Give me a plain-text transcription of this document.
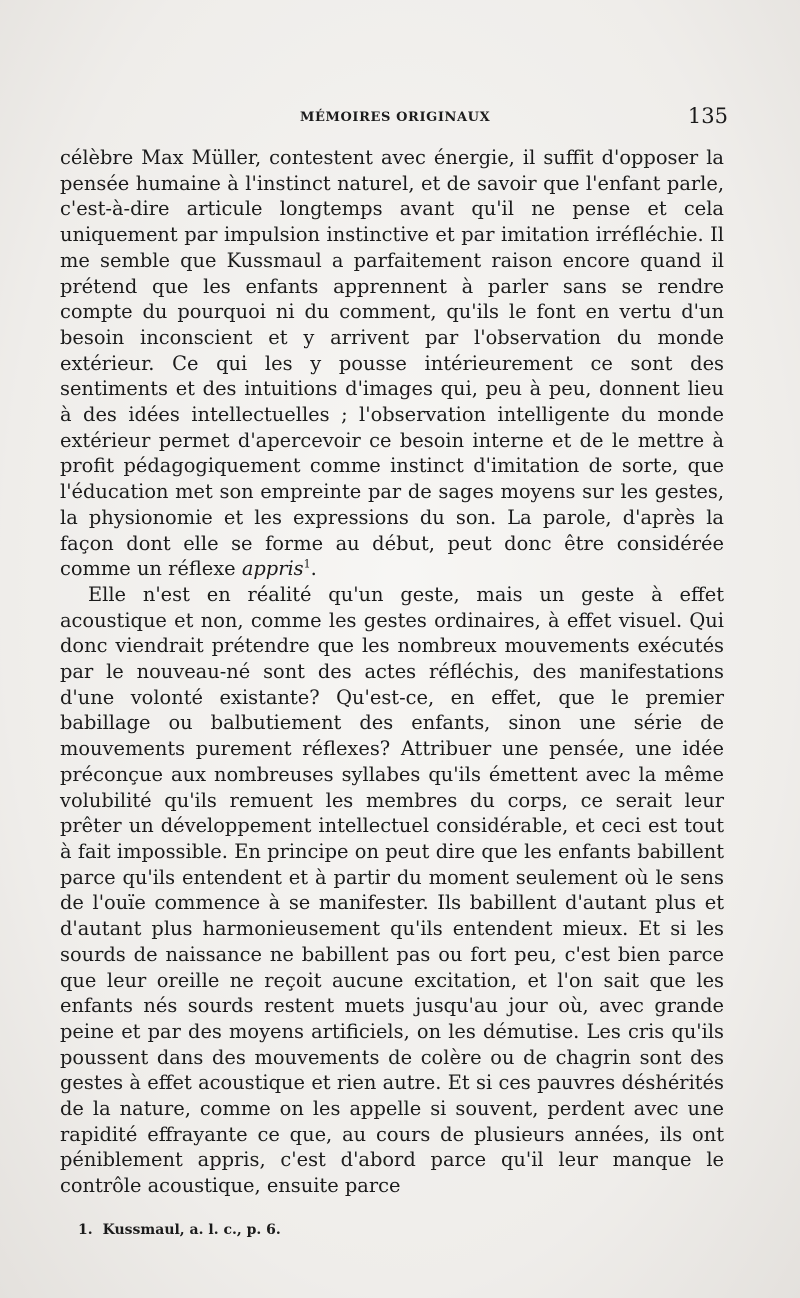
MÉMOIRES ORIGINAUX	135

célèbre Max Müller, contestent avec énergie, il suffit d'opposer la pensée humaine à l'instinct naturel, et de savoir que l'enfant parle, c'est-à-dire articule longtemps avant qu'il ne pense et cela uniquement par impulsion instinctive et par imitation irréfléchie. Il me semble que Kussmaul a parfaitement raison encore quand il prétend que les enfants apprennent à parler sans se rendre compte du pourquoi ni du comment, qu'ils le font en vertu d'un besoin inconscient et y arrivent par l'observation du monde extérieur. Ce qui les y pousse intérieurement ce sont des sentiments et des intuitions d'images qui, peu à peu, donnent lieu à des idées intellectuelles ; l'observation intelligente du monde extérieur permet d'apercevoir ce besoin interne et de le mettre à profit pédagogiquement comme instinct d'imitation de sorte, que l'éducation met son empreinte par de sages moyens sur les gestes, la physionomie et les expressions du son. La parole, d'après la façon dont elle se forme au début, peut donc être considérée comme un réflexe appris$^1$.

Elle n'est en réalité qu'un geste, mais un geste à effet acoustique et non, comme les gestes ordinaires, à effet visuel. Qui donc viendrait prétendre que les nombreux mouvements exécutés par le nouveau-né sont des actes réfléchis, des manifestations d'une volonté existante? Qu'est-ce, en effet, que le premier babillage ou balbutiement des enfants, sinon une série de mouvements purement réflexes? Attribuer une pensée, une idée préconçue aux nombreuses syllabes qu'ils émettent avec la même volubilité qu'ils remuent les membres du corps, ce serait leur prêter un développement intellectuel considérable, et ceci est tout à fait impossible. En principe on peut dire que les enfants babillent parce qu'ils entendent et à partir du moment seulement où le sens de l'ouïe commence à se manifester. Ils babillent d'autant plus et d'autant plus harmonieusement qu'ils entendent mieux. Et si les sourds de naissance ne babillent pas ou fort peu, c'est bien parce que leur oreille ne reçoit aucune excitation, et l'on sait que les enfants nés sourds restent muets jusqu'au jour où, avec grande peine et par des moyens artificiels, on les démutise. Les cris qu'ils poussent dans des mouvements de colère ou de chagrin sont des gestes à effet acoustique et rien autre. Et si ces pauvres déshérités de la nature, comme on les appelle si souvent, perdent avec une rapidité effrayante ce que, au cours de plusieurs années, ils ont péniblement appris, c'est d'abord parce qu'il leur manque le contrôle acoustique, ensuite parce

1. Kussmaul, a. l. c., p. 6.
